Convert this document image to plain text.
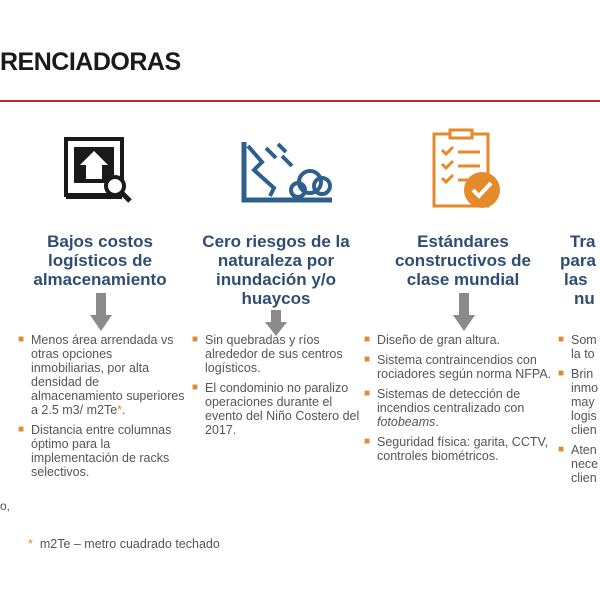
RENCIADORAS
Bajos costos
logísticos de
almacenamiento
■ Menos área arrendada vs otras opciones inmobiliarias, por alta densidad de almacenamiento superiores a 2.5 m3/ m2Te*.
■ Distancia entre columnas óptimo para la implementación de racks selectivos.
Cero riesgos de la
naturaleza por
inundación y/o
huaycos
■ Sin quebradas y ríos alrededor de sus centros logísticos.
■ El condominio no paralizo operaciones durante el evento del Niño Costero del 2017.
Estándares
constructivos de
clase mundial
■ Diseño de gran altura.
■ Sistema contraincendios con rociadores según norma NFPA.
■ Sistemas de detección de incendios centralizado con fotobeams.
■ Seguridad física: garita, CCTV, controles biométricos.
Tra
para
las
nu
■ Som
la to
■ Brin
inmo
may
logis
clien
■ Aten
nece
clien
o,
* m2Te – metro cuadrado techado
